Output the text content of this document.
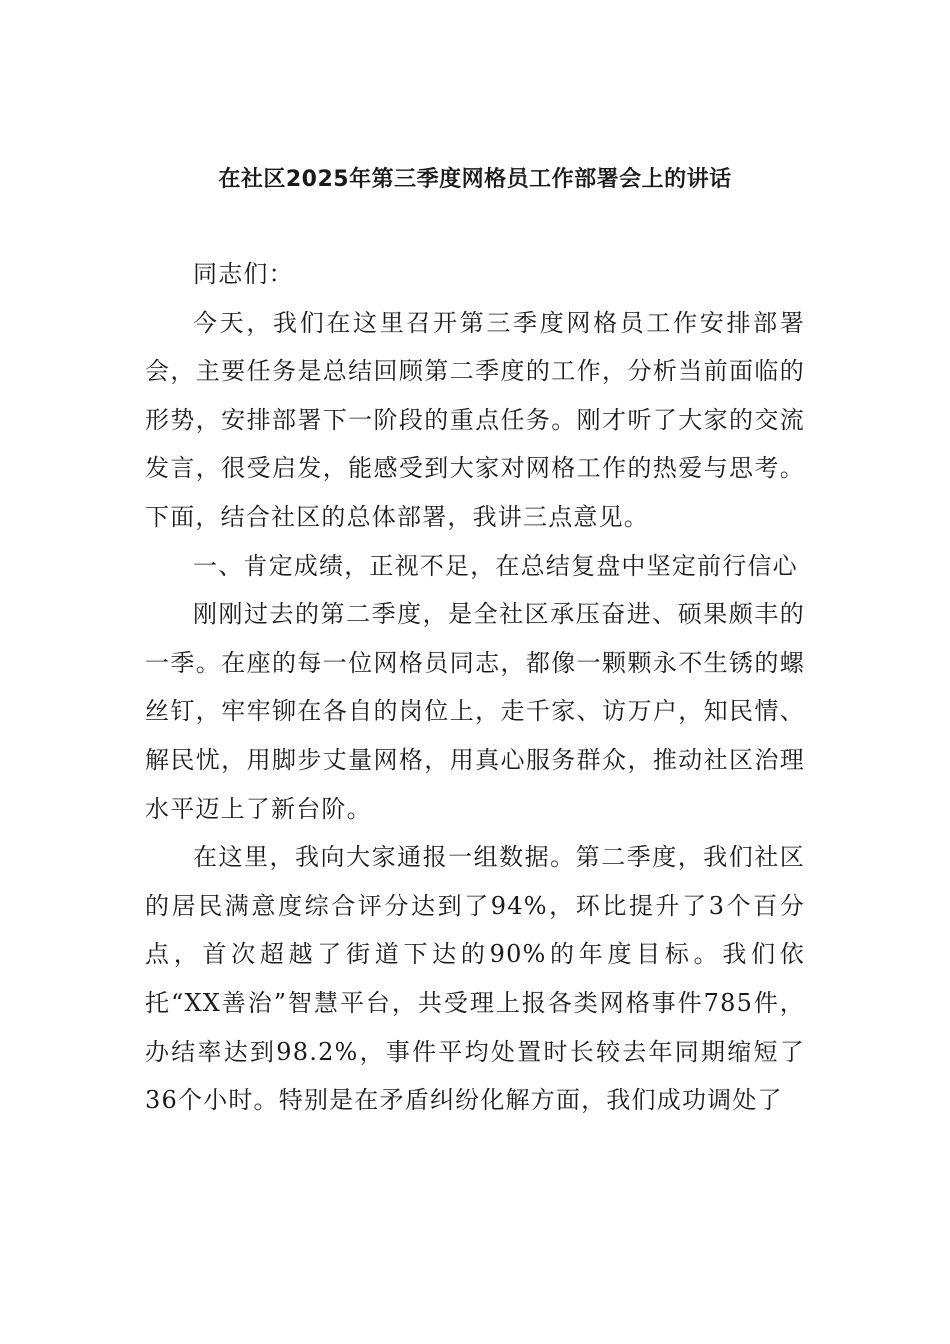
在社区2025年第三季度网格员工作部署会上的讲话

同志们：

今天，我们在这里召开第三季度网格员工作安排部署会，主要任务是总结回顾第二季度的工作，分析当前面临的形势，安排部署下一阶段的重点任务。刚才听了大家的交流发言，很受启发，能感受到大家对网格工作的热爱与思考。下面，结合社区的总体部署，我讲三点意见。

一、肯定成绩，正视不足，在总结复盘中坚定前行信心

刚刚过去的第二季度，是全社区承压奋进、硕果颇丰的一季。在座的每一位网格员同志，都像一颗颗永不生锈的螺丝钉，牢牢铆在各自的岗位上，走千家、访万户，知民情、解民忧，用脚步丈量网格，用真心服务群众，推动社区治理水平迈上了新台阶。

在这里，我向大家通报一组数据。第二季度，我们社区的居民满意度综合评分达到了94%，环比提升了3个百分点，首次超越了街道下达的90%的年度目标。我们依托“XX善治”智慧平台，共受理上报各类网格事件785件，办结率达到98.2%，事件平均处置时长较去年同期缩短了36个小时。特别是在矛盾纠纷化解方面，我们成功调处了
